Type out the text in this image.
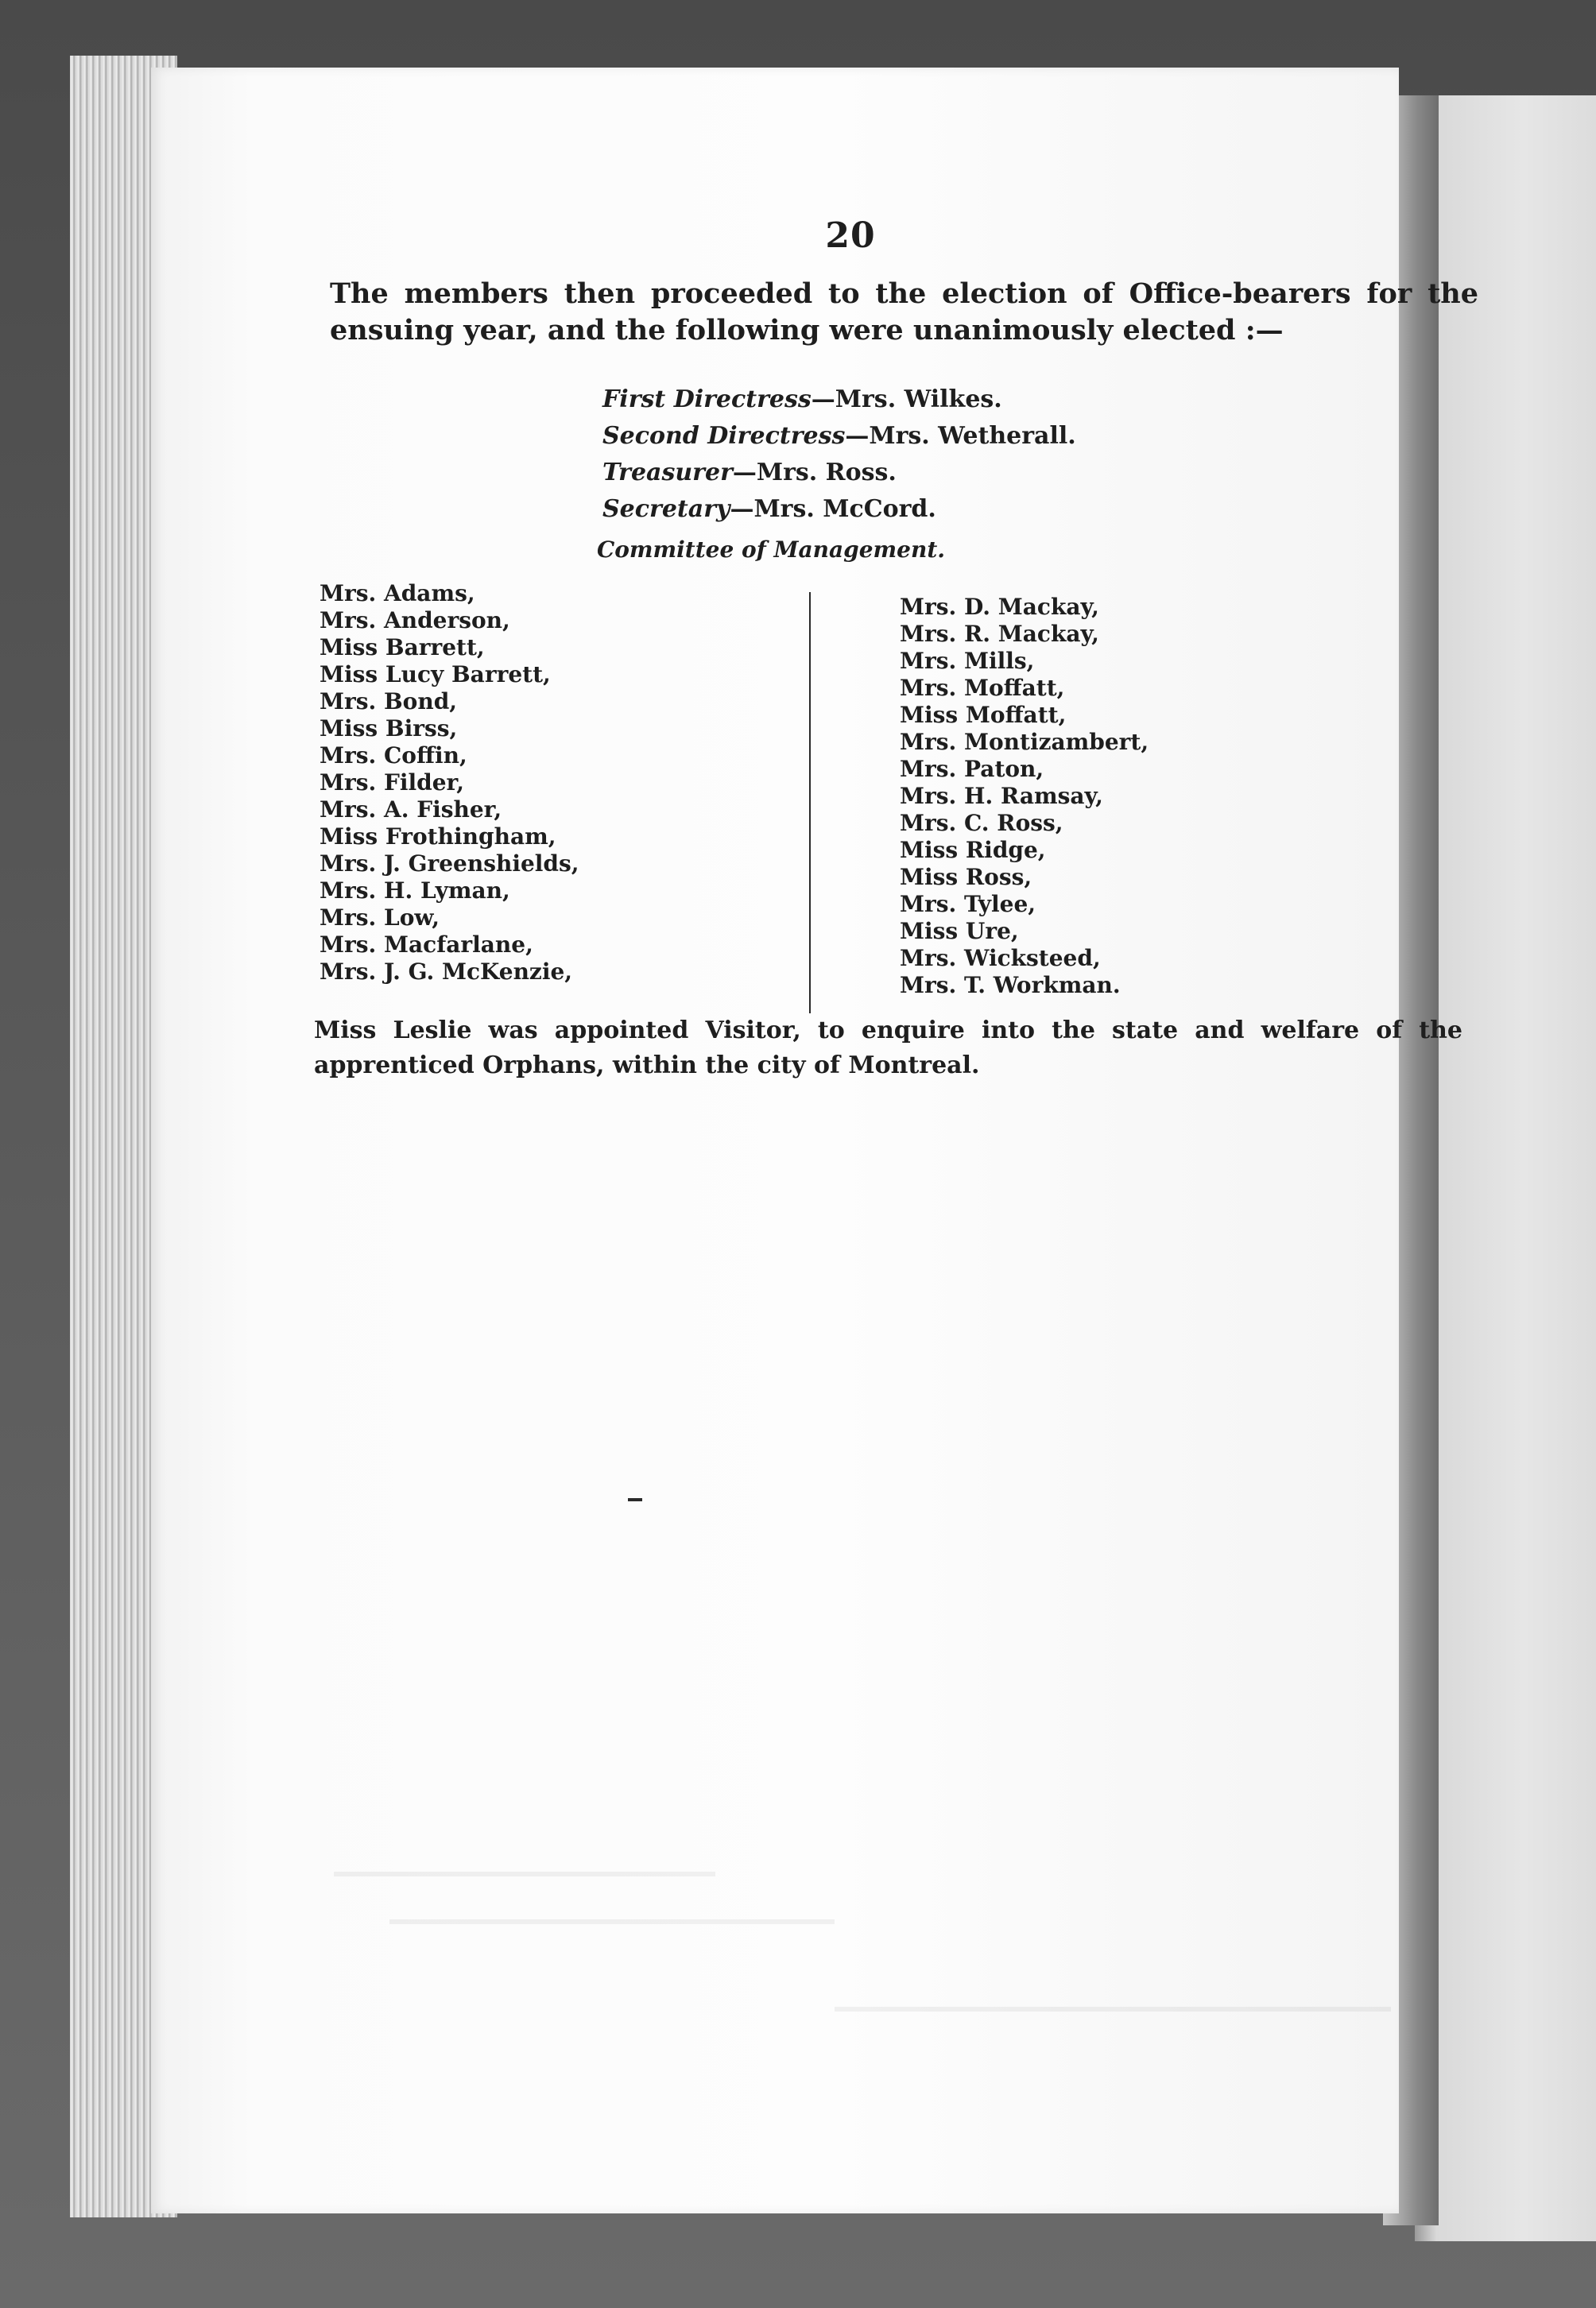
20
The members then proceeded to the election of Office-bearers for the ensuing year, and the following were unanimously elected :—
First Directress—Mrs. Wilkes.
Second Directress—Mrs. Wetherall.
Treasurer—Mrs. Ross.
Secretary—Mrs. McCord.
Committee of Management.
Mrs. Adams,
Mrs. Anderson,
Miss Barrett,
Miss Lucy Barrett,
Mrs. Bond,
Miss Birss,
Mrs. Coffin,
Mrs. Filder,
Mrs. A. Fisher,
Miss Frothingham,
Mrs. J. Greenshields,
Mrs. H. Lyman,
Mrs. Low,
Mrs. Macfarlane,
Mrs. J. G. McKenzie,
Mrs. D. Mackay,
Mrs. R. Mackay,
Mrs. Mills,
Mrs. Moffatt,
Miss Moffatt,
Mrs. Montizambert,
Mrs. Paton,
Mrs. H. Ramsay,
Mrs. C. Ross,
Miss Ridge,
Miss Ross,
Mrs. Tylee,
Miss Ure,
Mrs. Wicksteed,
Mrs. T. Workman.
Miss Leslie was appointed Visitor, to enquire into the state and welfare of the apprenticed Orphans, within the city of Montreal.
